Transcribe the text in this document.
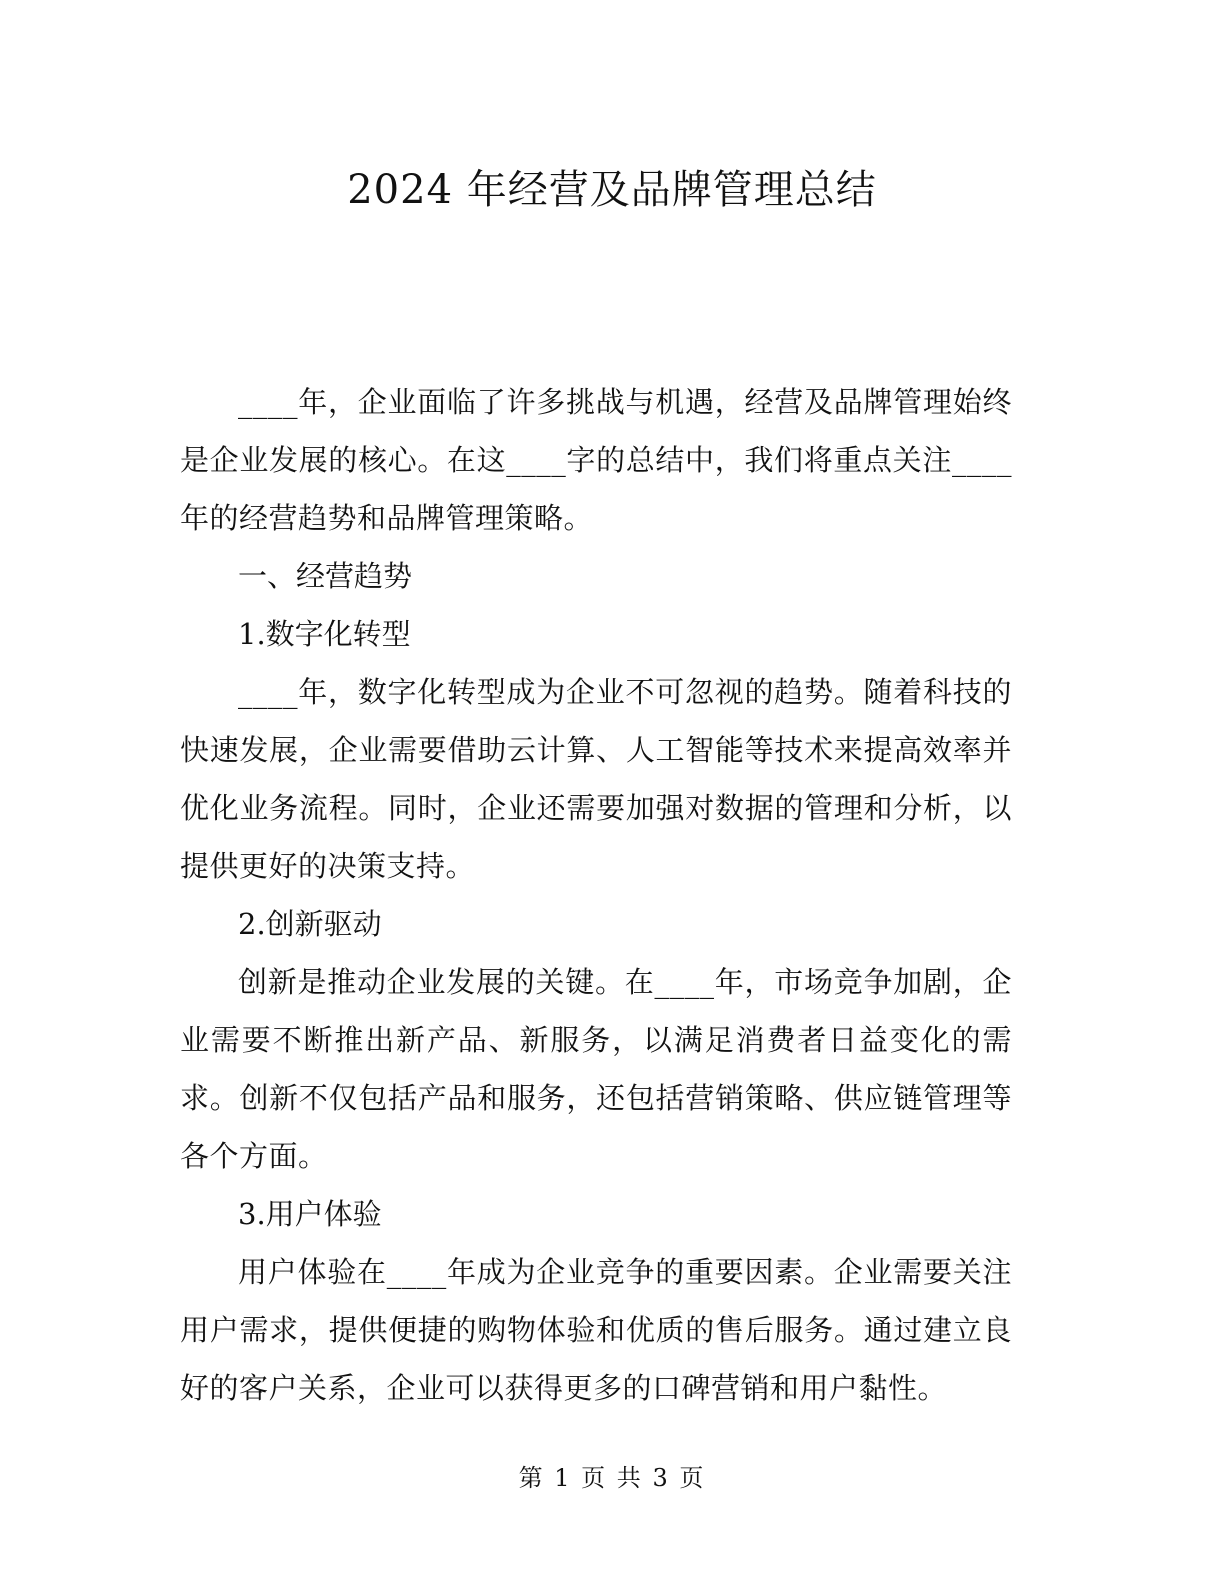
2024 年经营及品牌管理总结

____年，企业面临了许多挑战与机遇，经营及品牌管理始终是企业发展的核心。在这____字的总结中，我们将重点关注____年的经营趋势和品牌管理策略。

一、经营趋势

1.数字化转型

____年，数字化转型成为企业不可忽视的趋势。随着科技的快速发展，企业需要借助云计算、人工智能等技术来提高效率并优化业务流程。同时，企业还需要加强对数据的管理和分析，以提供更好的决策支持。

2.创新驱动

创新是推动企业发展的关键。在____年，市场竞争加剧，企业需要不断推出新产品、新服务，以满足消费者日益变化的需求。创新不仅包括产品和服务，还包括营销策略、供应链管理等各个方面。

3.用户体验

用户体验在____年成为企业竞争的重要因素。企业需要关注用户需求，提供便捷的购物体验和优质的售后服务。通过建立良好的客户关系，企业可以获得更多的口碑营销和用户黏性。

第 1 页 共 3 页
